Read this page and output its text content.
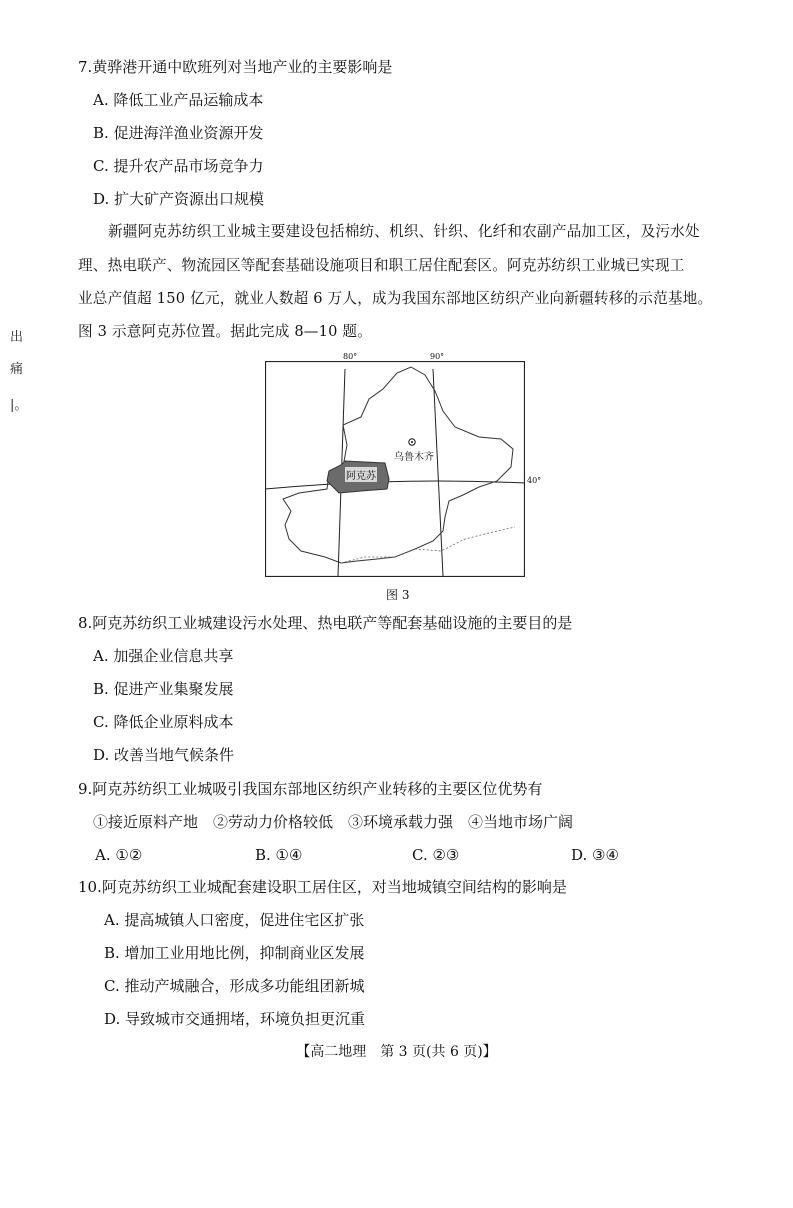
出
痛
|。
7.黄骅港开通中欧班列对当地产业的主要影响是
A. 降低工业产品运输成本
B. 促进海洋渔业资源开发
C. 提升农产品市场竞争力
D. 扩大矿产资源出口规模
新疆阿克苏纺织工业城主要建设包括棉纺、机织、针织、化纤和农副产品加工区，及污水处
理、热电联产、物流园区等配套基础设施项目和职工居住配套区。阿克苏纺织工业城已实现工
业总产值超 150 亿元，就业人数超 6 万人，成为我国东部地区纺织产业向新疆转移的示范基地。
图 3 示意阿克苏位置。据此完成 8—10 题。
80°	90°
40°
乌鲁木齐
阿克苏
图 3
8.阿克苏纺织工业城建设污水处理、热电联产等配套基础设施的主要目的是
A. 加强企业信息共享
B. 促进产业集聚发展
C. 降低企业原料成本
D. 改善当地气候条件
9.阿克苏纺织工业城吸引我国东部地区纺织产业转移的主要区位优势有
①接近原料产地　②劳动力价格较低　③环境承载力强　④当地市场广阔
A. ①②	B. ①④	C. ②③	D. ③④
10.阿克苏纺织工业城配套建设职工居住区，对当地城镇空间结构的影响是
A. 提高城镇人口密度，促进住宅区扩张
B. 增加工业用地比例，抑制商业区发展
C. 推动产城融合，形成多功能组团新城
D. 导致城市交通拥堵，环境负担更沉重
【高二地理　第 3 页(共 6 页)】
